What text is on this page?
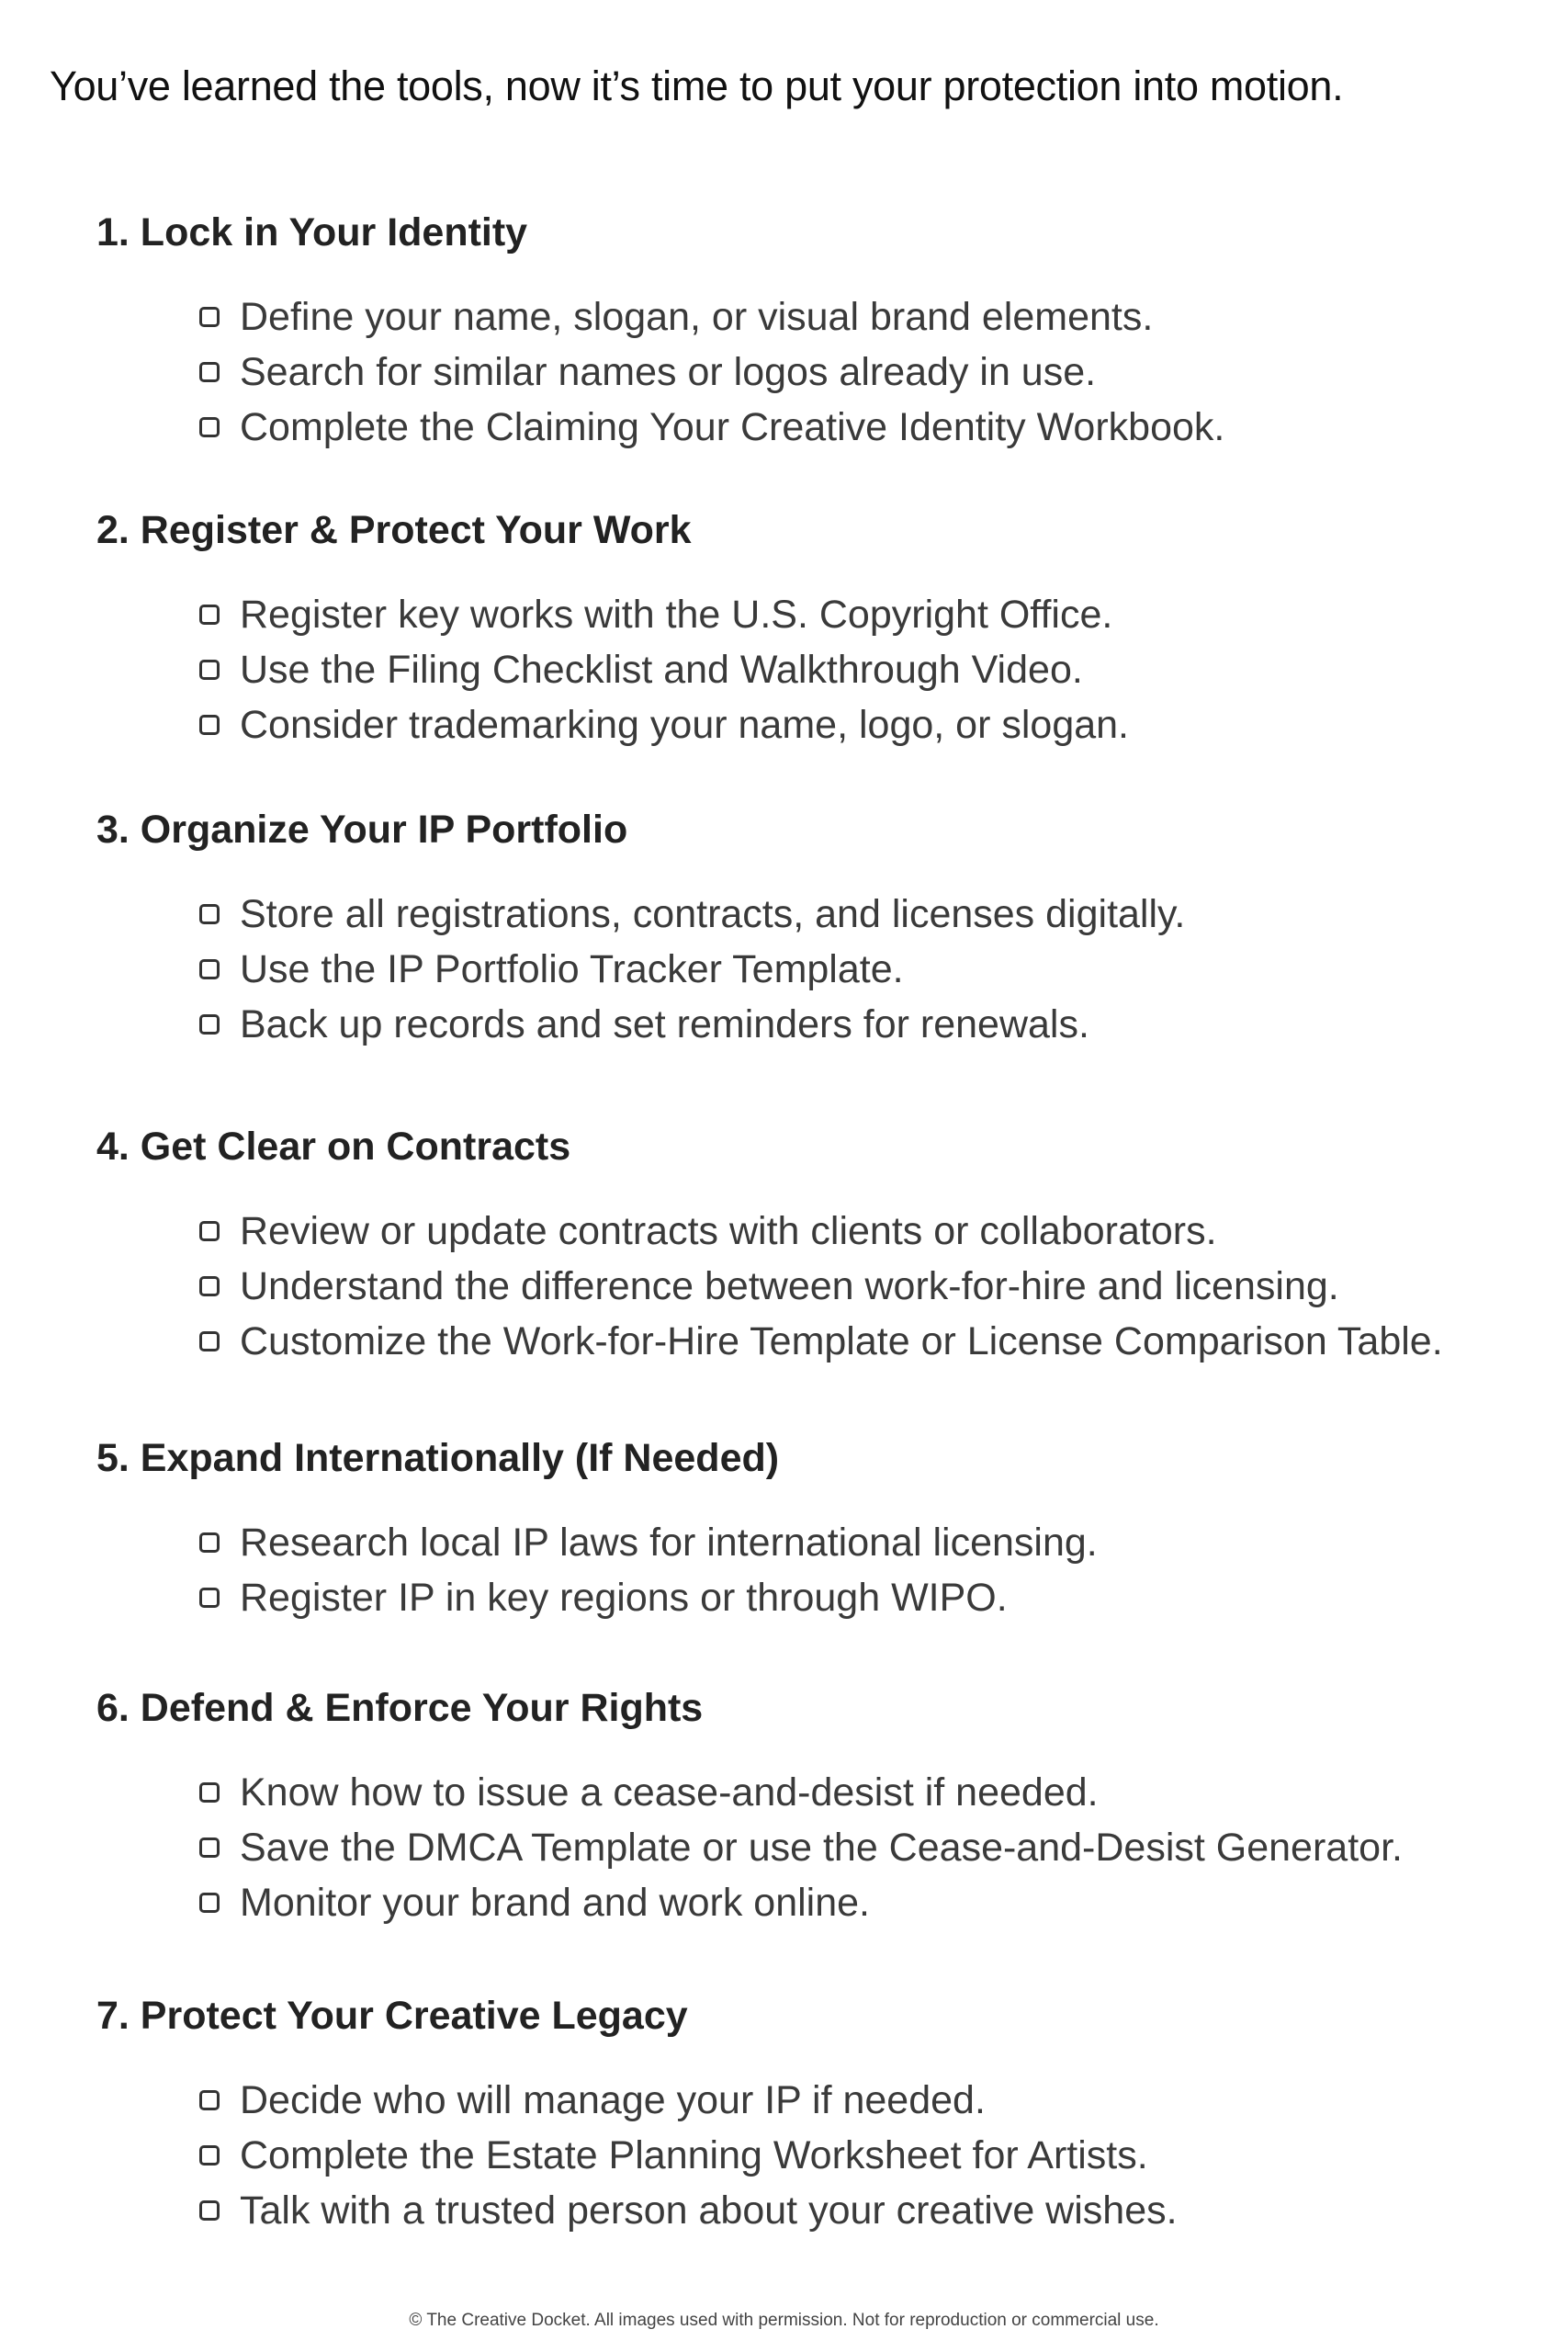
You’ve learned the tools, now it’s time to put your protection into motion.
1. Lock in Your Identity
Define your name, slogan, or visual brand elements.
Search for similar names or logos already in use.
Complete the Claiming Your Creative Identity Workbook.
2. Register & Protect Your Work
Register key works with the U.S. Copyright Office.
Use the Filing Checklist and Walkthrough Video.
Consider trademarking your name, logo, or slogan.
3. Organize Your IP Portfolio
Store all registrations, contracts, and licenses digitally.
Use the IP Portfolio Tracker Template.
Back up records and set reminders for renewals.
4. Get Clear on Contracts
Review or update contracts with clients or collaborators.
Understand the difference between work-for-hire and licensing.
Customize the Work-for-Hire Template or License Comparison Table.
5. Expand Internationally (If Needed)
Research local IP laws for international licensing.
Register IP in key regions or through WIPO.
6. Defend & Enforce Your Rights
Know how to issue a cease-and-desist if needed.
Save the DMCA Template or use the Cease-and-Desist Generator.
Monitor your brand and work online.
7. Protect Your Creative Legacy
Decide who will manage your IP if needed.
Complete the Estate Planning Worksheet for Artists.
Talk with a trusted person about your creative wishes.
© The Creative Docket. All images used with permission. Not for reproduction or commercial use.
